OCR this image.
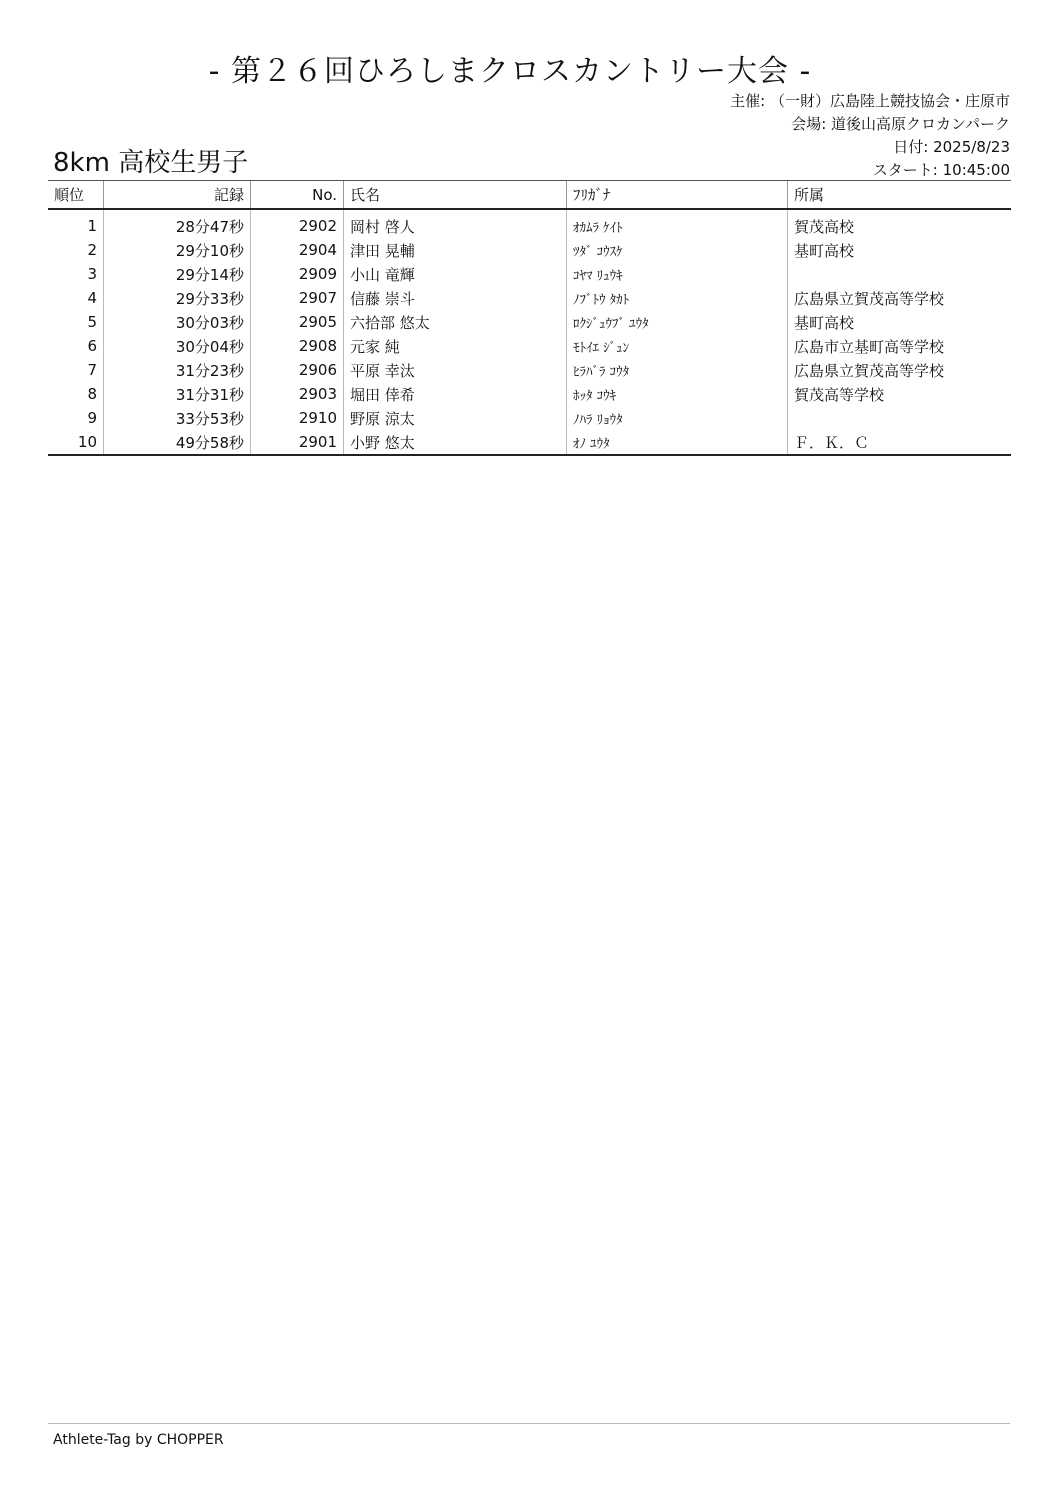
- 第２６回ひろしまクロスカントリー大会 -
主催: （一財）広島陸上競技協会・庄原市
会場: 道後山高原クロカンパーク
日付: 2025/8/23
スタート: 10:45:00
8km 高校生男子
順位	記録	No.	氏名	ﾌﾘｶﾞﾅ	所属
1	28分47秒	2902	岡村 啓人	ｵｶﾑﾗ ｹｲﾄ	賀茂高校
2	29分10秒	2904	津田 晃輔	ﾂﾀﾞ ｺｳｽｹ	基町高校
3	29分14秒	2909	小山 竜輝	ｺﾔﾏ ﾘｭｳｷ	
4	29分33秒	2907	信藤 崇斗	ﾉﾌﾞﾄｳ ﾀｶﾄ	広島県立賀茂高等学校
5	30分03秒	2905	六拾部 悠太	ﾛｸｼﾞｭｳﾌﾞ ﾕｳﾀ	基町高校
6	30分04秒	2908	元家 純	ﾓﾄｲｴ ｼﾞｭﾝ	広島市立基町高等学校
7	31分23秒	2906	平原 幸汰	ﾋﾗﾊﾞﾗ ｺｳﾀ	広島県立賀茂高等学校
8	31分31秒	2903	堀田 倖希	ﾎｯﾀ ｺｳｷ	賀茂高等学校
9	33分53秒	2910	野原 涼太	ﾉﾊﾗ ﾘｮｳﾀ	
10	49分58秒	2901	小野 悠太	ｵﾉ ﾕｳﾀ	Ｆ．Ｋ．Ｃ
Athlete-Tag by CHOPPER
